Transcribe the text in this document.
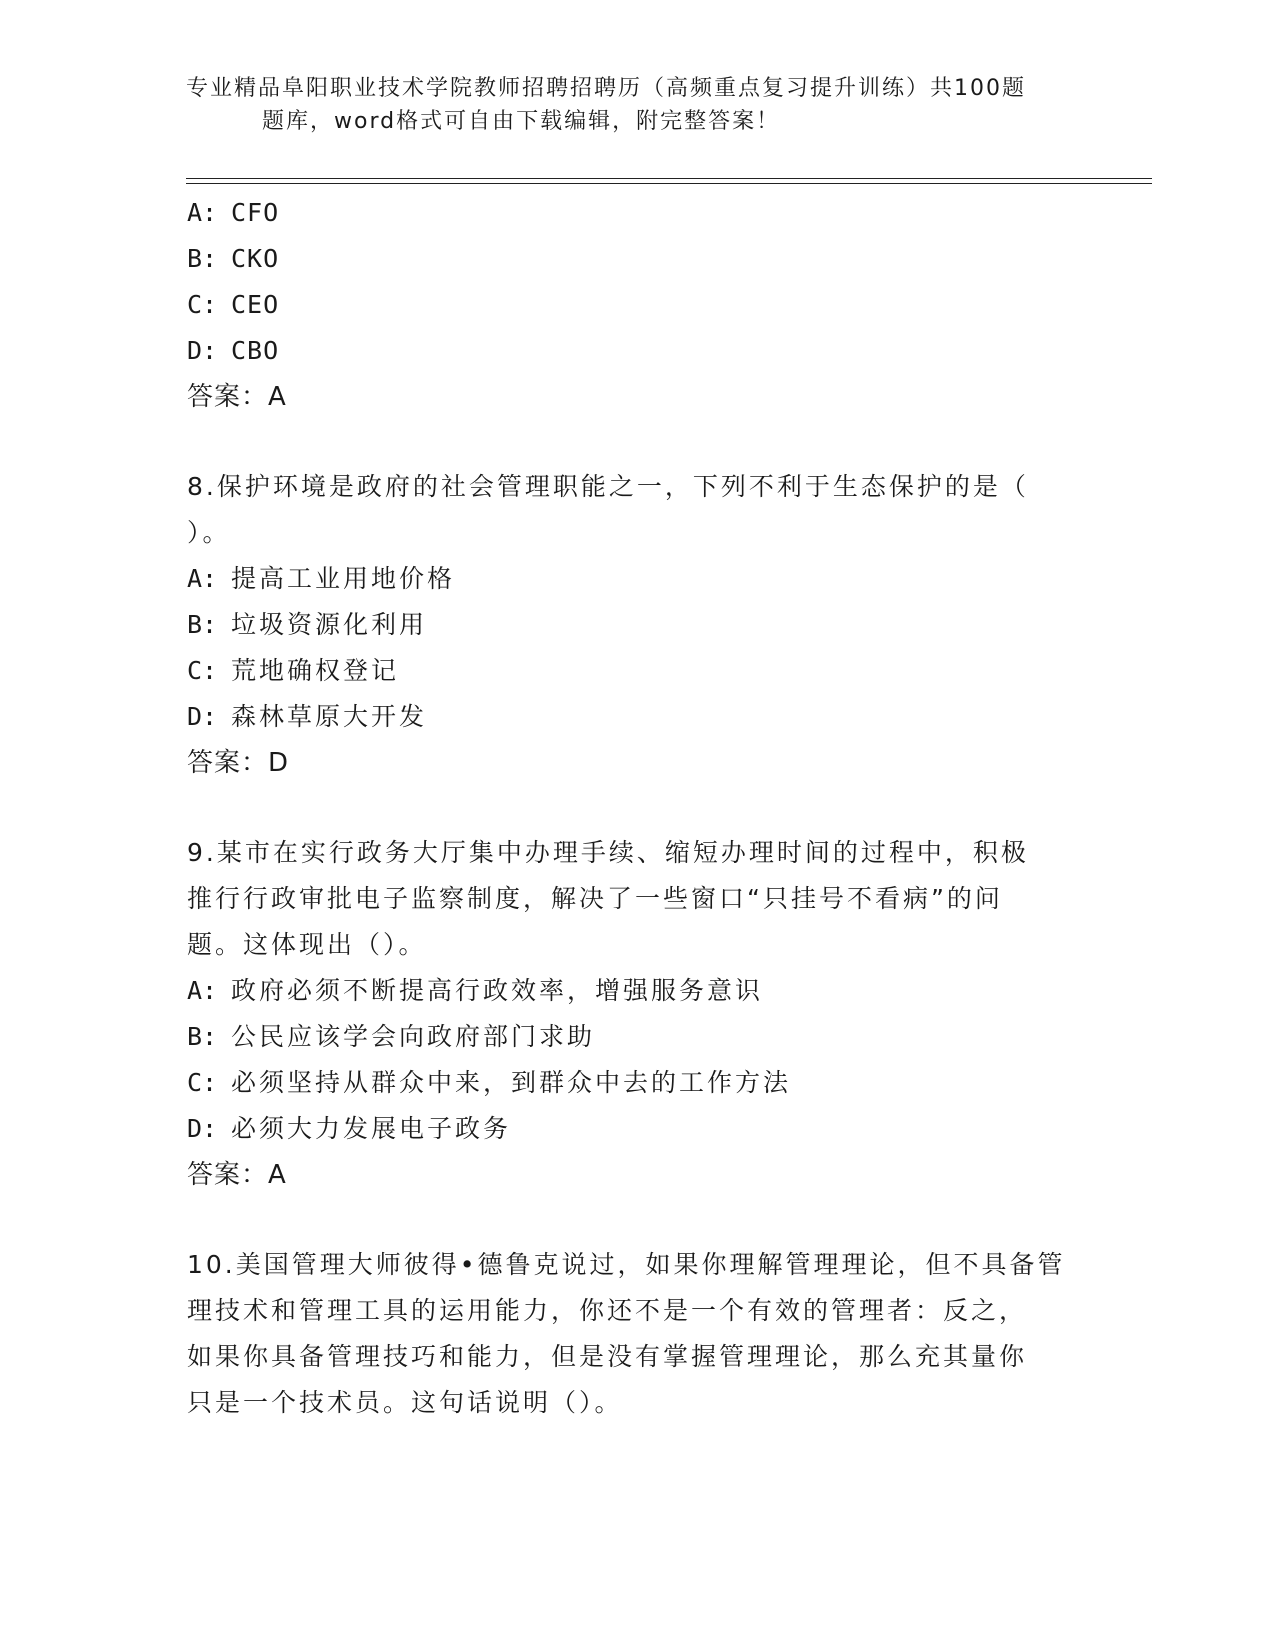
专业精品阜阳职业技术学院教师招聘招聘历（高频重点复习提升训练）共100题
题库，word格式可自由下载编辑，附完整答案！
A: CFO
B: CKO
C: CEO
D: CBO
答案：A
8.保护环境是政府的社会管理职能之一，下列不利于生态保护的是（
）。
A: 提高工业用地价格
B: 垃圾资源化利用
C: 荒地确权登记
D: 森林草原大开发
答案：D
9.某市在实行政务大厅集中办理手续、缩短办理时间的过程中，积极
推行行政审批电子监察制度，解决了一些窗口“只挂号不看病”的问
题。这体现出（）。
A: 政府必须不断提高行政效率，增强服务意识
B: 公民应该学会向政府部门求助
C: 必须坚持从群众中来，到群众中去的工作方法
D: 必须大力发展电子政务
答案：A
10.美国管理大师彼得•德鲁克说过，如果你理解管理理论，但不具备管
理技术和管理工具的运用能力，你还不是一个有效的管理者：反之，
如果你具备管理技巧和能力，但是没有掌握管理理论，那么充其量你
只是一个技术员。这句话说明（）。
